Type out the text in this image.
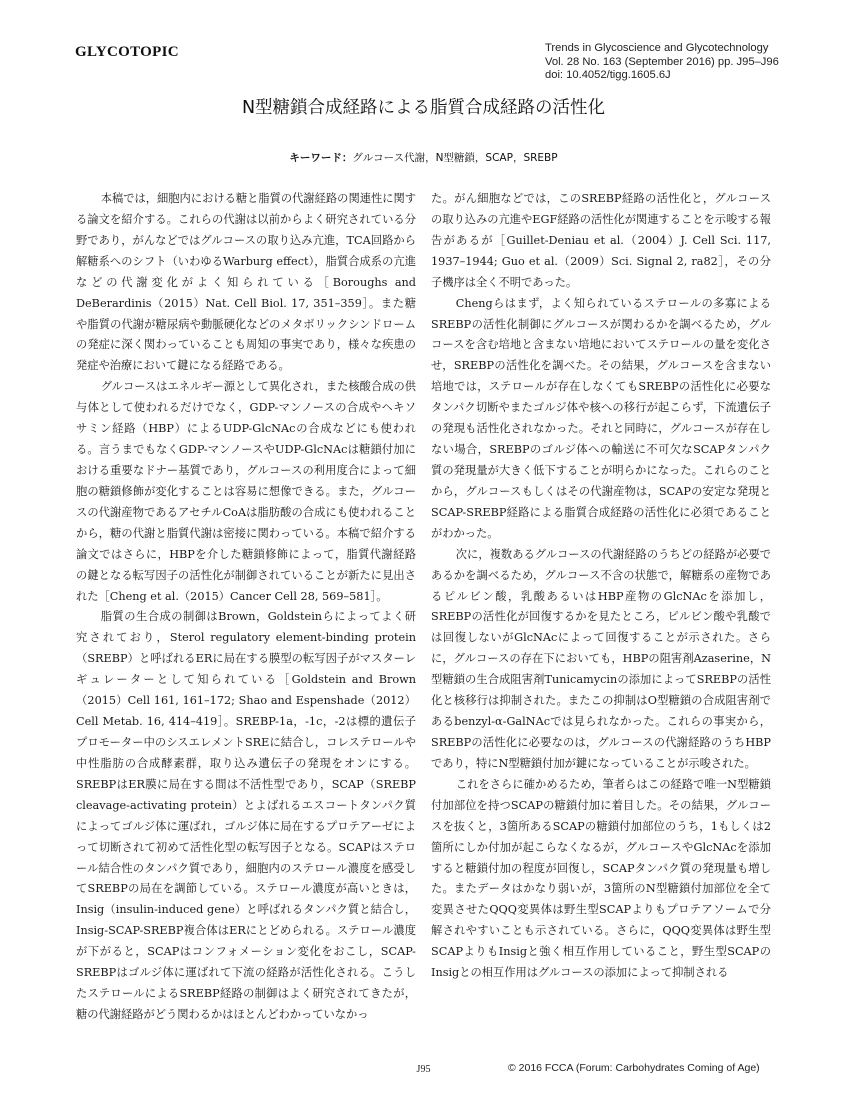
GLYCOTOPIC	Trends in Glycoscience and Glycotechnology
Vol. 28 No. 163 (September 2016) pp. J95–J96
doi: 10.4052/tigg.1605.6J
N型糖鎖合成経路による脂質合成経路の活性化
キーワード：グルコース代謝，N型糖鎖，SCAP，SREBP

本稿では，細胞内における糖と脂質の代謝経路の関連性に関する論文を紹介する。これらの代謝は以前からよく研究されている分野であり，がんなどではグルコースの取り込み亢進，TCA回路から解糖系へのシフト（いわゆるWarburg effect），脂質合成系の亢進などの代謝変化がよく知られている［Boroughs and DeBerardinis（2015）Nat. Cell Biol. 17, 351–359］。また糖や脂質の代謝が糖尿病や動脈硬化などのメタボリックシンドロームの発症に深く関わっていることも周知の事実であり，様々な疾患の発症や治療において鍵になる経路である。

グルコースはエネルギー源として異化され，また核酸合成の供与体として使われるだけでなく，GDP-マンノースの合成やヘキソサミン経路（HBP）によるUDP-GlcNAcの合成などにも使われる。言うまでもなくGDP-マンノースやUDP-GlcNAcは糖鎖付加における重要なドナー基質であり，グルコースの利用度合によって細胞の糖鎖修飾が変化することは容易に想像できる。また，グルコースの代謝産物であるアセチルCoAは脂肪酸の合成にも使われることから，糖の代謝と脂質代謝は密接に関わっている。本稿で紹介する論文ではさらに，HBPを介した糖鎖修飾によって，脂質代謝経路の鍵となる転写因子の活性化が制御されていることが新たに見出された［Cheng et al.（2015）Cancer Cell 28, 569–581］。

脂質の生合成の制御はBrown，Goldsteinらによってよく研究されており，Sterol regulatory element-binding protein（SREBP）と呼ばれるERに局在する膜型の転写因子がマスターレギュレーターとして知られている［Goldstein and Brown（2015）Cell 161, 161–172; Shao and Espenshade（2012）Cell Metab. 16, 414–419］。SREBP-1a，-1c，-2は標的遺伝子プロモーター中のシスエレメントSREに結合し，コレステロールや中性脂肪の合成酵素群，取り込み遺伝子の発現をオンにする。SREBPはER膜に局在する間は不活性型であり，SCAP（SREBP cleavage-activating protein）とよばれるエスコートタンパク質によってゴルジ体に運ばれ，ゴルジ体に局在するプロテアーゼによって切断されて初めて活性化型の転写因子となる。SCAPはステロール結合性のタンパク質であり，細胞内のステロール濃度を感受してSREBPの局在を調節している。ステロール濃度が高いときは，Insig（insulin-induced gene）と呼ばれるタンパク質と結合し，Insig-SCAP-SREBP複合体はERにとどめられる。ステロール濃度が下がると，SCAPはコンフォメーション変化をおこし，SCAP-SREBPはゴルジ体に運ばれて下流の経路が活性化される。こうしたステロールによるSREBP経路の制御はよく研究されてきたが，糖の代謝経路がどう関わるかはほとんどわかっていなかっ

た。がん細胞などでは，このSREBP経路の活性化と，グルコースの取り込みの亢進やEGF経路の活性化が関連することを示唆する報告があるが［Guillet-Deniau et al.（2004）J. Cell Sci. 117, 1937–1944; Guo et al.（2009）Sci. Signal 2, ra82］，その分子機序は全く不明であった。

Chengらはまず，よく知られているステロールの多寡によるSREBPの活性化制御にグルコースが関わるかを調べるため，グルコースを含む培地と含まない培地においてステロールの量を変化させ，SREBPの活性化を調べた。その結果，グルコースを含まない培地では，ステロールが存在しなくてもSREBPの活性化に必要なタンパク切断やまたゴルジ体や核への移行が起こらず，下流遺伝子の発現も活性化されなかった。それと同時に，グルコースが存在しない場合，SREBPのゴルジ体への輸送に不可欠なSCAPタンパク質の発現量が大きく低下することが明らかになった。これらのことから，グルコースもしくはその代謝産物は，SCAPの安定な発現とSCAP-SREBP経路による脂質合成経路の活性化に必須であることがわかった。

次に，複数あるグルコースの代謝経路のうちどの経路が必要であるかを調べるため，グルコース不含の状態で，解糖系の産物であるピルビン酸，乳酸あるいはHBP産物のGlcNAcを添加し，SREBPの活性化が回復するかを見たところ，ピルビン酸や乳酸では回復しないがGlcNAcによって回復することが示された。さらに，グルコースの存在下においても，HBPの阻害剤Azaserine，N型糖鎖の生合成阻害剤Tunicamycinの添加によってSREBPの活性化と核移行は抑制された。またこの抑制はO型糖鎖の合成阻害剤であるbenzyl-α-GalNAcでは見られなかった。これらの事実から，SREBPの活性化に必要なのは，グルコースの代謝経路のうちHBPであり，特にN型糖鎖付加が鍵になっていることが示唆された。

これをさらに確かめるため，筆者らはこの経路で唯一N型糖鎖付加部位を持つSCAPの糖鎖付加に着目した。その結果，グルコースを抜くと，3箇所あるSCAPの糖鎖付加部位のうち，1もしくは2箇所にしか付加が起こらなくなるが，グルコースやGlcNAcを添加すると糖鎖付加の程度が回復し，SCAPタンパク質の発現量も増した。またデータはかなり弱いが，3箇所のN型糖鎖付加部位を全て変異させたQQQ変異体は野生型SCAPよりもプロテアソームで分解されやすいことも示されている。さらに，QQQ変異体は野生型SCAPよりもInsigと強く相互作用していること，野生型SCAPのInsigとの相互作用はグルコースの添加によって抑制される

J95	© 2016 FCCA (Forum: Carbohydrates Coming of Age)
